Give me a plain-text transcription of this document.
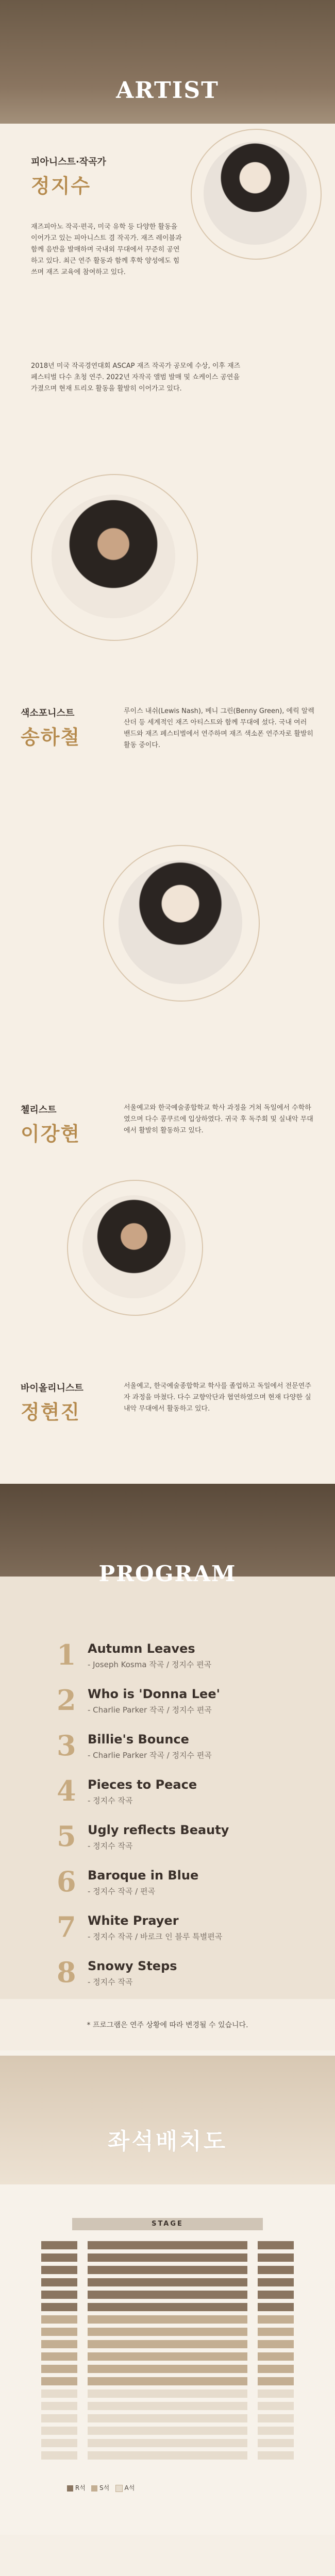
ARTIST
피아니스트·작곡가
정지수
재즈피아노 작곡·편곡, 미국 유학 등 다양한 활동을 이어가고 있는 피아니스트 겸 작곡가. 재즈 레이블과 함께 음반을 발매하며 국내외 무대에서 꾸준히 공연하고 있다. 최근 연주 활동과 함께 후학 양성에도 힘쓰며 재즈 교육에 참여하고 있다.
2018년 미국 작곡경연대회 ASCAP 재즈 작곡가 공모에 수상, 이후 재즈 페스티벌 다수 초청 연주. 2022년 자작곡 앨범 발매 및 쇼케이스 공연을 가졌으며 현재 트리오 활동을 활발히 이어가고 있다.
색소포니스트
송하철
루이스 내쉬(Lewis Nash), 베니 그린(Benny Green), 에릭 알렉산더 등 세계적인 재즈 아티스트와 함께 무대에 섰다. 국내 여러 밴드와 재즈 페스티벌에서 연주하며 재즈 색소폰 연주자로 활발히 활동 중이다.
첼리스트
이강현
서울예고와 한국예술종합학교 학사 과정을 거쳐 독일에서 수학하였으며 다수 콩쿠르에 입상하였다. 귀국 후 독주회 및 실내악 무대에서 활발히 활동하고 있다.
바이올리니스트
정현진
서울예고, 한국예술종합학교 학사를 졸업하고 독일에서 전문연주자 과정을 마쳤다. 다수 교향악단과 협연하였으며 현재 다양한 실내악 무대에서 활동하고 있다.
PROGRAM
1 Autumn Leaves
- Joseph Kosma 작곡 / 정지수 편곡
2 Who is 'Donna Lee'
- Charlie Parker 작곡 / 정지수 편곡
3 Billie's Bounce
- Charlie Parker 작곡 / 정지수 편곡
4 Pieces to Peace
- 정지수 작곡
5 Ugly reflects Beauty
- 정지수 작곡
6 Baroque in Blue
- 정지수 작곡 / 편곡
7 White Prayer
- 정지수 작곡 / 바로크 인 블루 특별편곡
8 Snowy Steps
- 정지수 작곡
* 프로그램은 연주 상황에 따라 변경될 수 있습니다.
좌석배치도
STAGE
R석 S석 A석
